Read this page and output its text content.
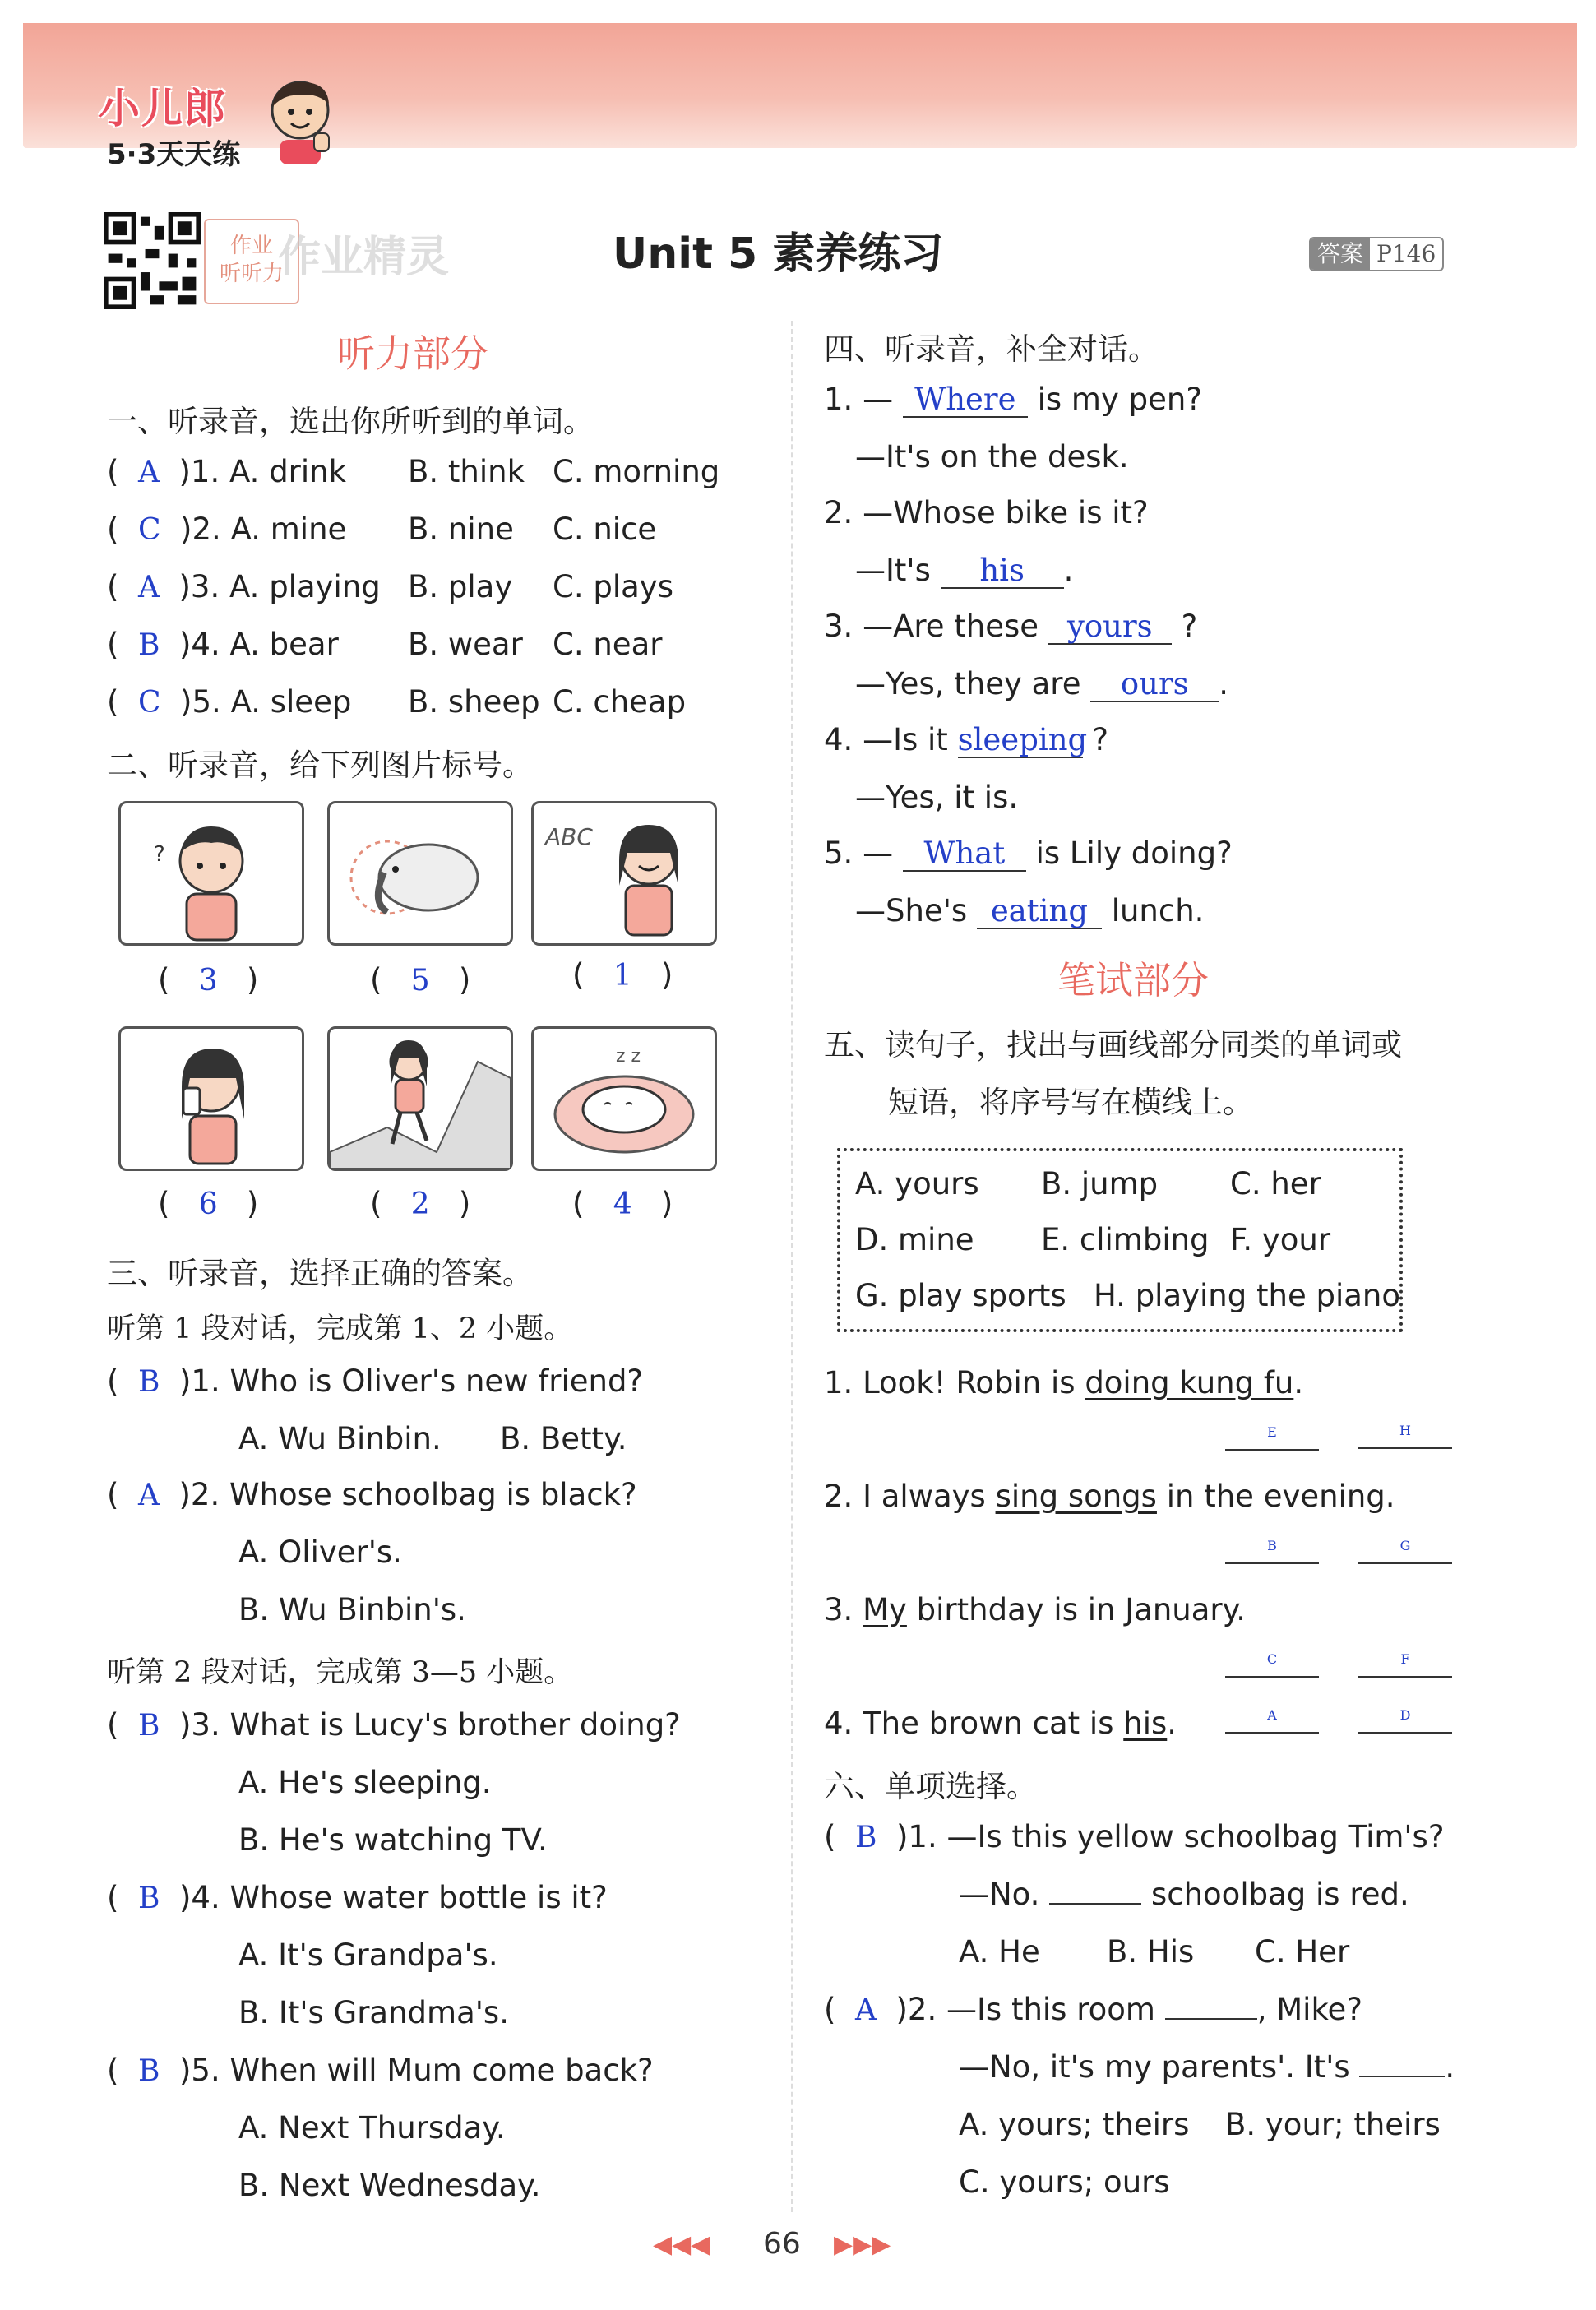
小儿郎
5·3天天练
作业
听听力
作业精灵	Unit 5 素养练习	答案 P146
听力部分
一、听录音，选出你所听到的单词。
(  A )1. A. drink B. think C. morning
(  C )2. A. mine B. nine C. nice
(  A )3. A. playing B. play C. plays
(  B )4. A. bear B. wear C. near
(  C )5. A. sleep B. sheep C. cheap
二、听录音，给下列图片标号。
?
ABC
(   3   )	(   5   )	(   1   )
z z
(   6   )	(   2   )	(   4   )
三、听录音，选择正确的答案。
听第 1 段对话，完成第 1、2 小题。
(  B )1. Who is Oliver's new friend?
A. Wu Binbin. B. Betty.
(  A )2. Whose schoolbag is black?
A. Oliver's.
B. Wu Binbin's.
听第 2 段对话，完成第 3—5 小题。
(  B )3. What is Lucy's brother doing?
A. He's sleeping.
B. He's watching TV.
(  B )4. Whose water bottle is it?
A. It's Grandpa's.
B. It's Grandma's.
(  B )5. When will Mum come back?
A. Next Thursday.
B. Next Wednesday.
四、听录音，补全对话。
1. — Where is my pen?
—It's on the desk.
2. —Whose bike is it?
—It's his .
3. —Are these yours ?
—Yes, they are ours .
4. —Is it sleeping ?
—Yes, it is.
5. — What is Lily doing?
—She's eating lunch.
笔试部分
五、读句子，找出与画线部分同类的单词或
短语，将序号写在横线上。
A. yours B. jump C. her
D. mine E. climbing F. your
G. play sports H. playing the piano
1. Look! Robin is doing kung fu.
E	H
2. I always sing songs in the evening.
B	G
3. My birthday is in January.
C	F
4. The brown cat is his.	A	D
六、单项选择。
(  B )1. —Is this yellow schoolbag Tim's?
—No.	schoolbag is red.
A. He B. His C. Her
(  A )2. —Is this room	, Mike?
—No, it's my parents'. It's	.
A. yours; theirs B. your; theirs
C. yours; ours
◀◀◀ 66 ▶▶▶
